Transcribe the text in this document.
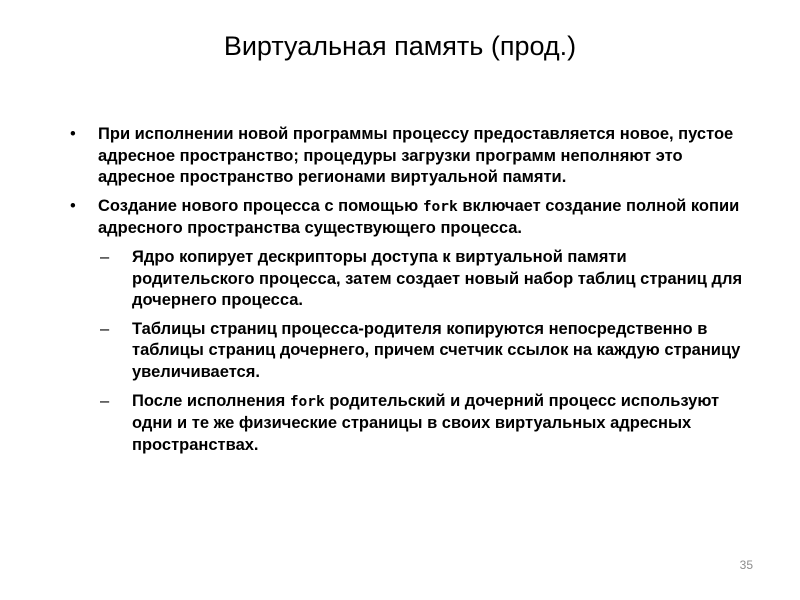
Виртуальная память (прод.)
• При исполнении новой программы процессу предоставляется новое, пустое адресное пространство; процедуры загрузки программ неполняют это адресное пространство регионами виртуальной памяти.
• Создание нового процесса с помощью fork включает создание полной копии адресного пространства существующего процесса.
– Ядро копирует дескрипторы доступа к виртуальной памяти родительского процесса, затем создает новый набор таблиц страниц для дочернего процесса.
– Таблицы страниц процесса-родителя копируются непосредственно в таблицы страниц дочернего, причем счетчик ссылок на каждую страницу увеличивается.
– После исполнения fork родительский и дочерний процесс используют одни и те же физические страницы в своих виртуальных адресных пространствах.
35
